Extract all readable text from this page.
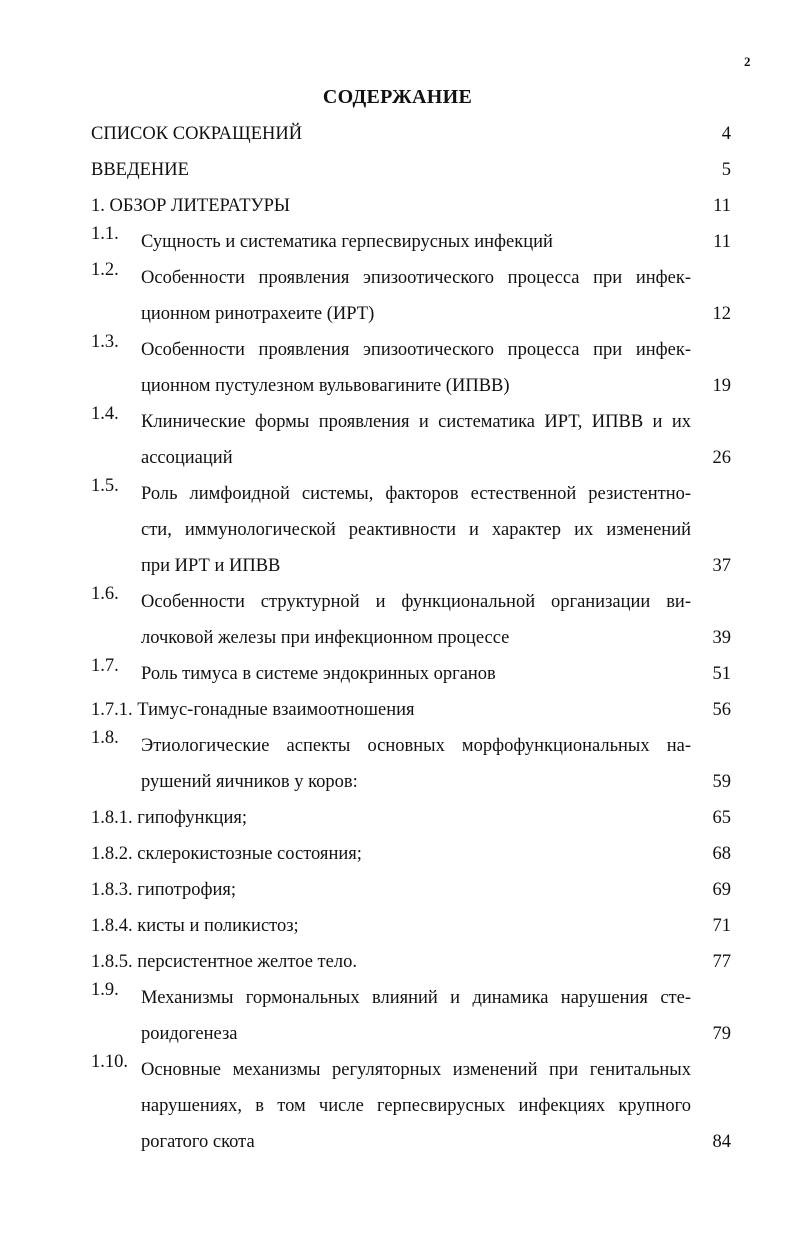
2
СОДЕРЖАНИЕ
СПИСОК СОКРАЩЕНИЙ	4
ВВЕДЕНИЕ	5
1. ОБЗОР ЛИТЕРАТУРЫ	11
1.1. Сущность и систематика герпесвирусных инфекций	11
1.2. Особенности проявления эпизоотического процесса при инфек-
ционном ринотрахеите (ИРТ)	12
1.3. Особенности проявления эпизоотического процесса при инфек-
ционном пустулезном вульвовагините (ИПВВ)	19
1.4. Клинические формы проявления и систематика ИРТ, ИПВВ и их
ассоциаций	26
1.5. Роль лимфоидной системы, факторов естественной резистентно-
сти, иммунологической реактивности и характер их изменений
при ИРТ и ИПВВ	37
1.6. Особенности структурной и функциональной организации ви-
лочковой железы при инфекционном процессе	39
1.7. Роль тимуса в системе эндокринных органов	51
1.7.1. Тимус-гонадные взаимоотношения	56
1.8. Этиологические аспекты основных морфофункциональных на-
рушений яичников у коров:	59
1.8.1. гипофункция;	65
1.8.2. склерокистозные состояния;	68
1.8.3. гипотрофия;	69
1.8.4. кисты и поликистоз;	71
1.8.5. персистентное желтое тело.	77
1.9. Механизмы гормональных влияний и динамика нарушения сте-
роидогенеза	79
1.10. Основные механизмы регуляторных изменений при генитальных
нарушениях, в том числе герпесвирусных инфекциях крупного
рогатого скота	84
